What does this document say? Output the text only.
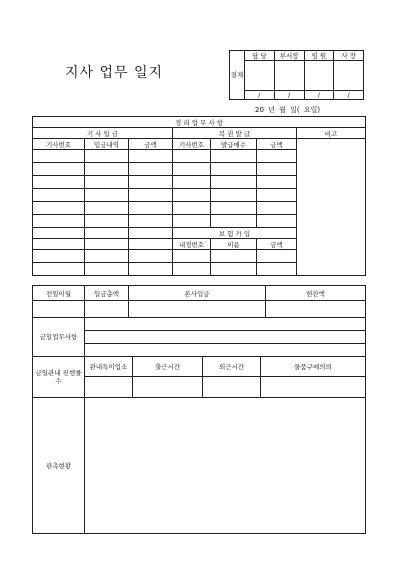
지사 업무 일지	결재	담 당	부서장	임 원	사 장

	/	/	/	/
20 년 월 일( 요일)
경 리 업 무 사 항						
기 사 입 금			복 권 발 급			비고
기사번호	입금내역	금액	기사번호	발급매수	금액	

			보 험 가 입			
			내정번호	이름	금액	

전일이월	입금총액	본사입금	현잔액

금일업무사항	

금일관내 진행률수	관내특이업소	출근시간	퇴근시간	물품구매의뢰

판촉현황	
